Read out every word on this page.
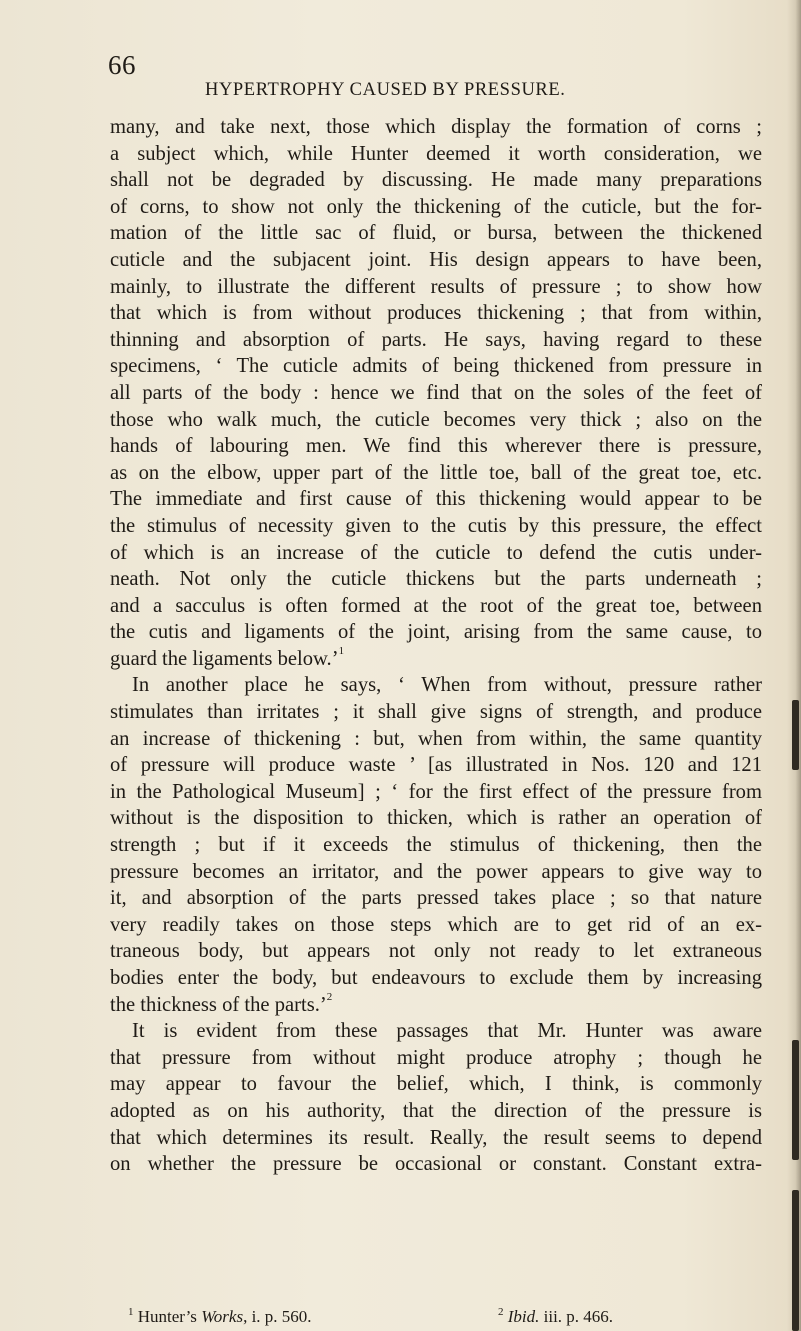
66
HYPERTROPHY CAUSED BY PRESSURE.
many, and take next, those which display the formation of corns ;
a subject which, while Hunter deemed it worth consideration, we
shall not be degraded by discussing. He made many preparations
of corns, to show not only the thickening of the cuticle, but the for-
mation of the little sac of fluid, or bursa, between the thickened
cuticle and the subjacent joint. His design appears to have been,
mainly, to illustrate the different results of pressure ; to show how
that which is from without produces thickening ; that from within,
thinning and absorption of parts. He says, having regard to these
specimens, ‘ The cuticle admits of being thickened from pressure in
all parts of the body : hence we find that on the soles of the feet of
those who walk much, the cuticle becomes very thick ; also on the
hands of labouring men. We find this wherever there is pressure,
as on the elbow, upper part of the little toe, ball of the great toe, etc.
The immediate and first cause of this thickening would appear to be
the stimulus of necessity given to the cutis by this pressure, the effect
of which is an increase of the cuticle to defend the cutis under-
neath. Not only the cuticle thickens but the parts underneath ;
and a sacculus is often formed at the root of the great toe, between
the cutis and ligaments of the joint, arising from the same cause, to
guard the ligaments below.’$^1$
In another place he says, ‘ When from without, pressure rather
stimulates than irritates ; it shall give signs of strength, and produce
an increase of thickening : but, when from within, the same quantity
of pressure will produce waste ’ [as illustrated in Nos. 120 and 121
in the Pathological Museum] ; ‘ for the first effect of the pressure from
without is the disposition to thicken, which is rather an operation of
strength ; but if it exceeds the stimulus of thickening, then the
pressure becomes an irritator, and the power appears to give way to
it, and absorption of the parts pressed takes place ; so that nature
very readily takes on those steps which are to get rid of an ex-
traneous body, but appears not only not ready to let extraneous
bodies enter the body, but endeavours to exclude them by increasing
the thickness of the parts.’$^2$
It is evident from these passages that Mr. Hunter was aware
that pressure from without might produce atrophy ; though he
may appear to favour the belief, which, I think, is commonly
adopted as on his authority, that the direction of the pressure is
that which determines its result. Really, the result seems to depend
on whether the pressure be occasional or constant. Constant extra-
$^1$ Hunter’s Works, i. p. 560.	$^2$ Ibid. iii. p. 466.
